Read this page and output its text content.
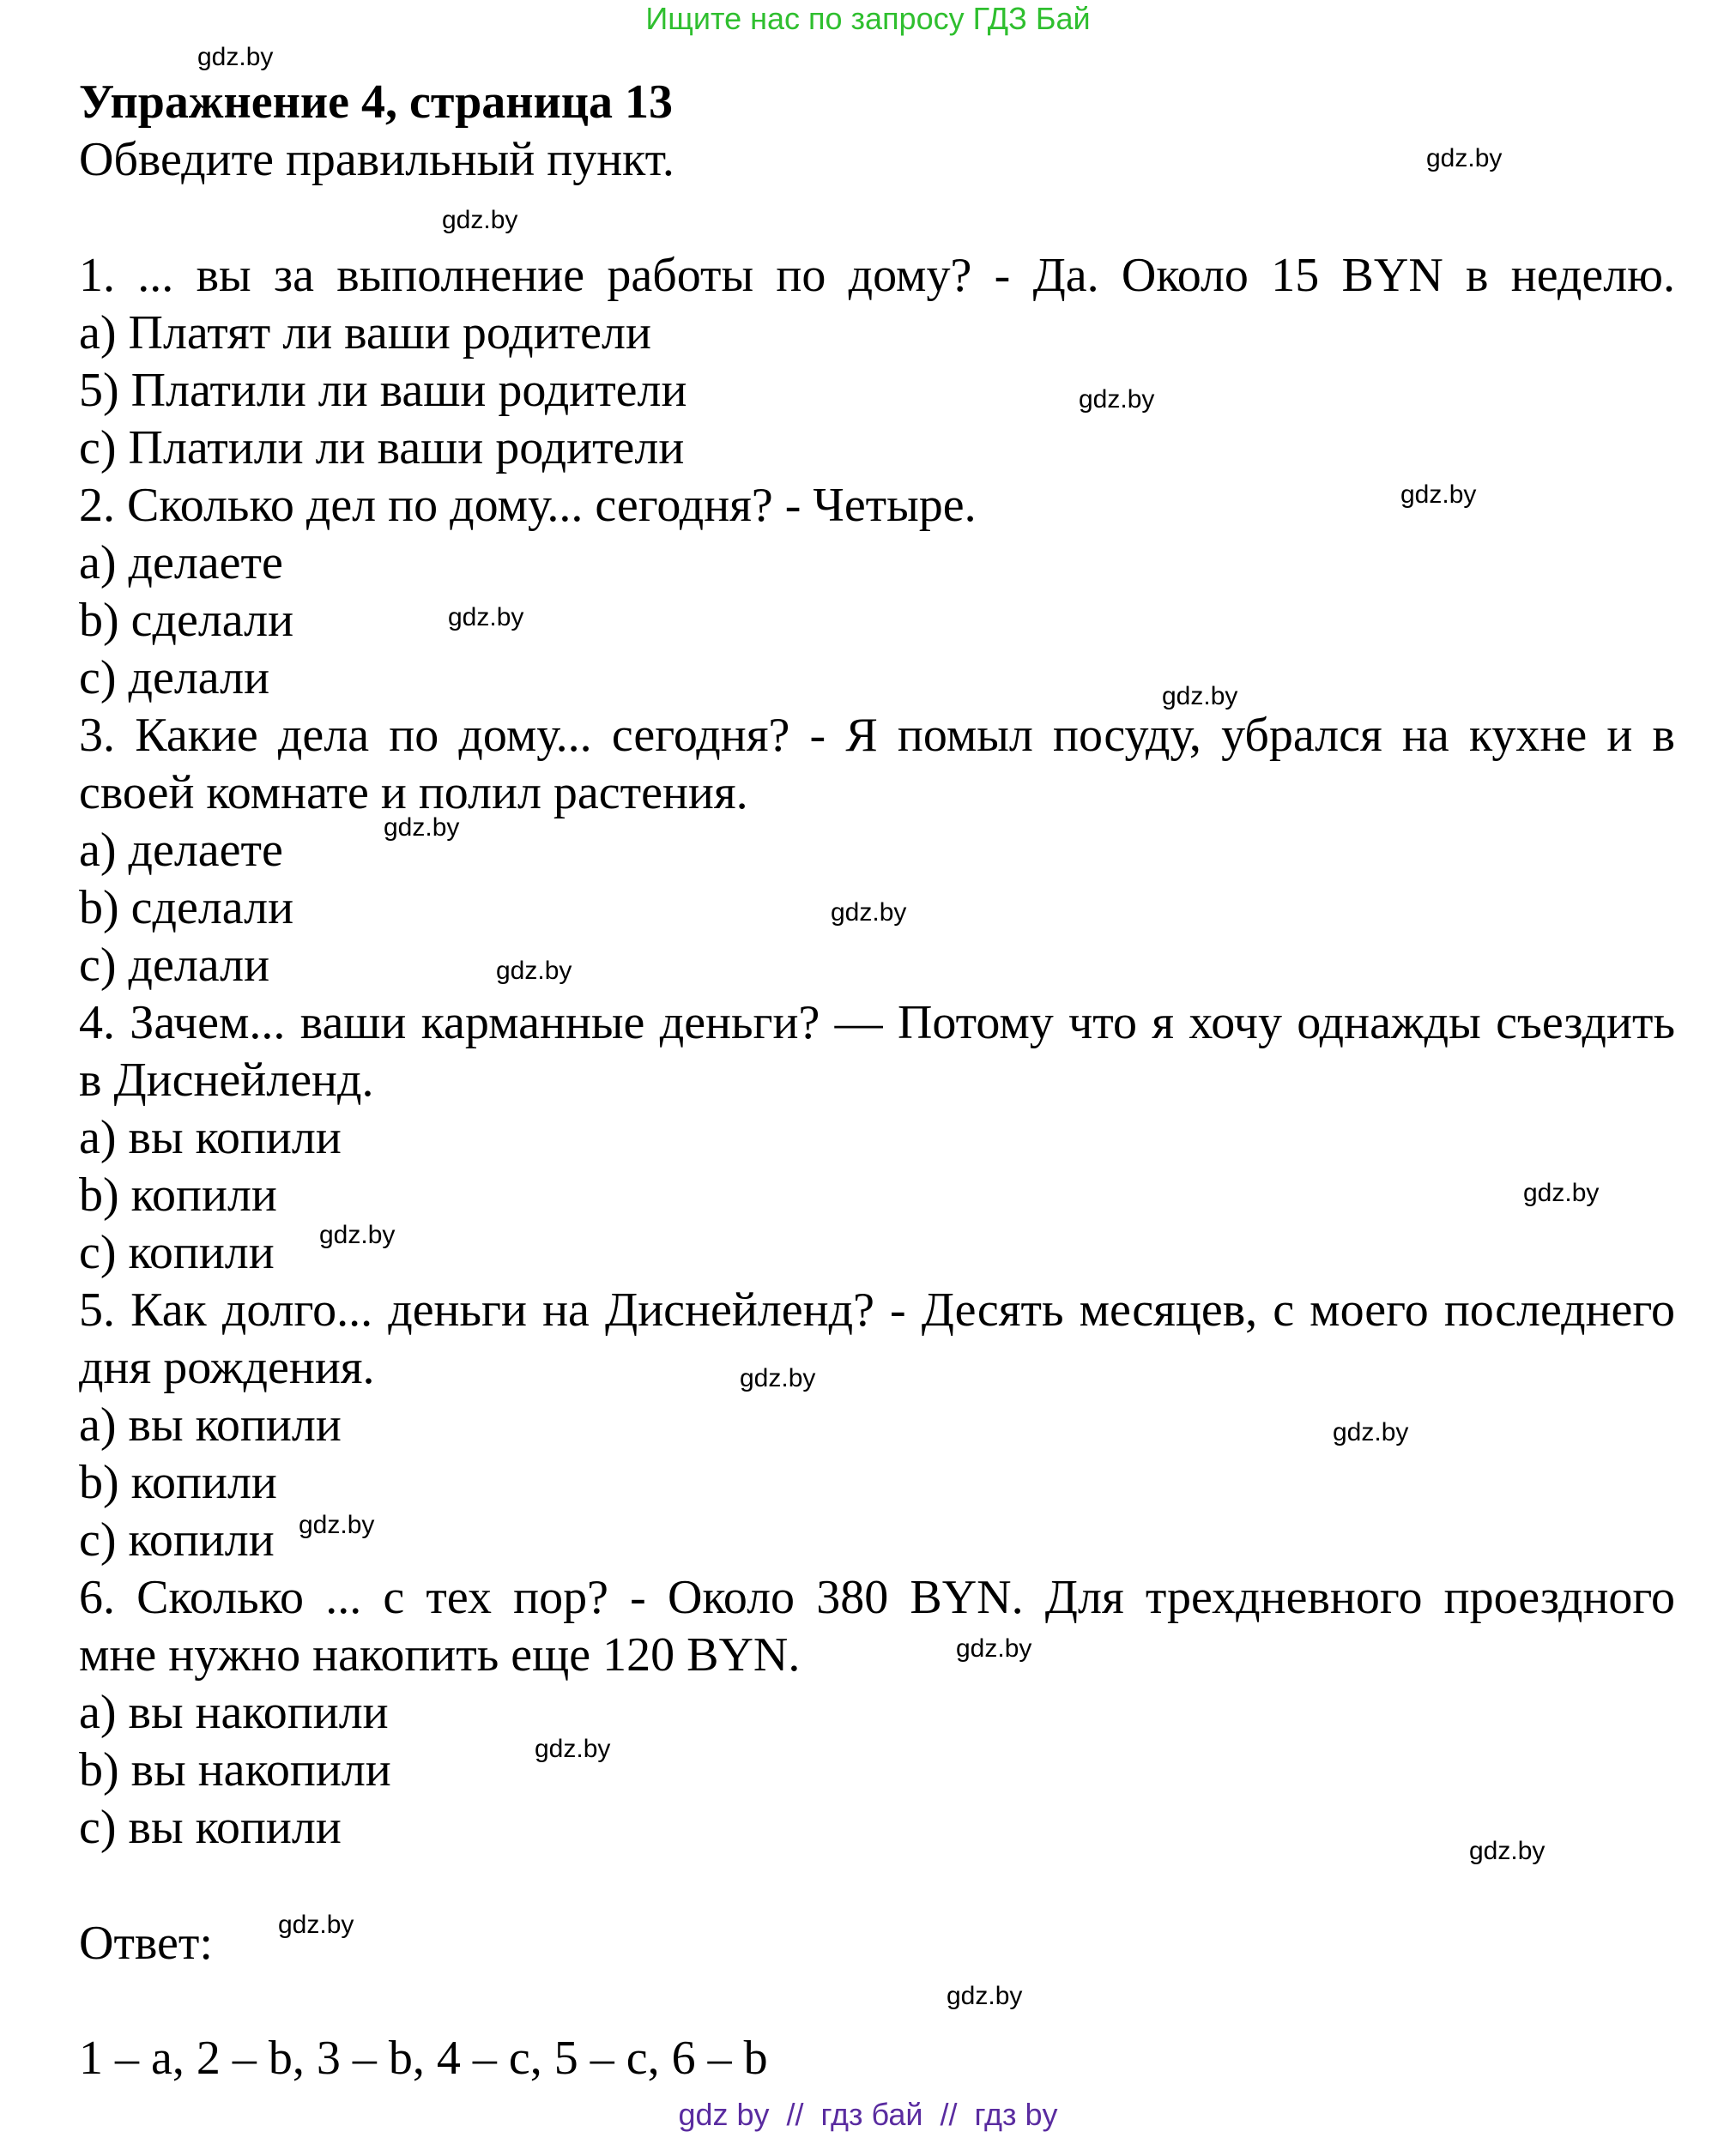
Ищите нас по запросу ГДЗ Бай
gdz.by
Упражнение 4, страница 13
Обведите правильный пункт.	gdz.by
gdz.by
1. ... вы за выполнение работы по дому? - Да. Около 15 BYN в неделю.
а) Платят ли ваши родители
5) Платили ли ваши родители
c) Платили ли ваши родители
gdz.by
gdz.by
2. Сколько дел по дому... сегодня? - Четыре.
а) делаете
b) сделали
c) делали
gdz.by
gdz.by
3. Какие дела по дому... сегодня? - Я помыл посуду, убрался на кухне и в
своей комнате и полил растения.
а) делаете
b) сделали
c) делали
gdz.by
gdz.by
gdz.by
4. Зачем... ваши карманные деньги? — Потому что я хочу однажды съездить
в Диснейленд.
а) вы копили
b) копили
c) копили
gdz.by
gdz.by
5. Как долго... деньги на Диснейленд? - Десять месяцев, с моего последнего
дня рождения.
а) вы копили
b) копили
c) копили
gdz.by
gdz.by
gdz.by
6. Сколько ... с тех пор? - Около 380 BYN. Для трехдневного проездного
мне нужно накопить еще 120 BYN.
а) вы накопили
b) вы накопили
c) вы копили
gdz.by
gdz.by
gdz.by
Ответ:	gdz.by
gdz.by
1 – a, 2 – b, 3 – b, 4 – c, 5 – c, 6 – b
gdz by  //  гдз бай  //  гдз by
